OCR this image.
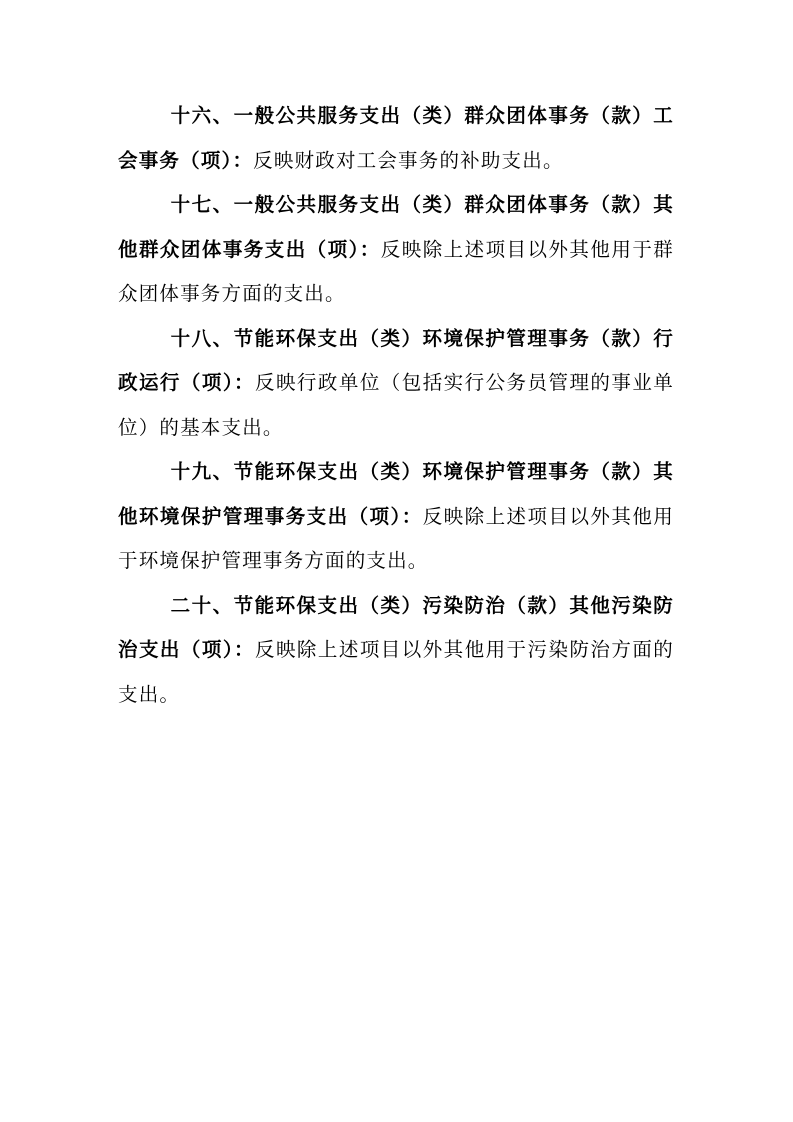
十六、一般公共服务支出（类）群众团体事务（款）工会事务（项）：反映财政对工会事务的补助支出。

十七、一般公共服务支出（类）群众团体事务（款）其他群众团体事务支出（项）：反映除上述项目以外其他用于群众团体事务方面的支出。

十八、节能环保支出（类）环境保护管理事务（款）行政运行（项）：反映行政单位（包括实行公务员管理的事业单位）的基本支出。

十九、节能环保支出（类）环境保护管理事务（款）其他环境保护管理事务支出（项）：反映除上述项目以外其他用于环境保护管理事务方面的支出。

二十、节能环保支出（类）污染防治（款）其他污染防治支出（项）：反映除上述项目以外其他用于污染防治方面的支出。
